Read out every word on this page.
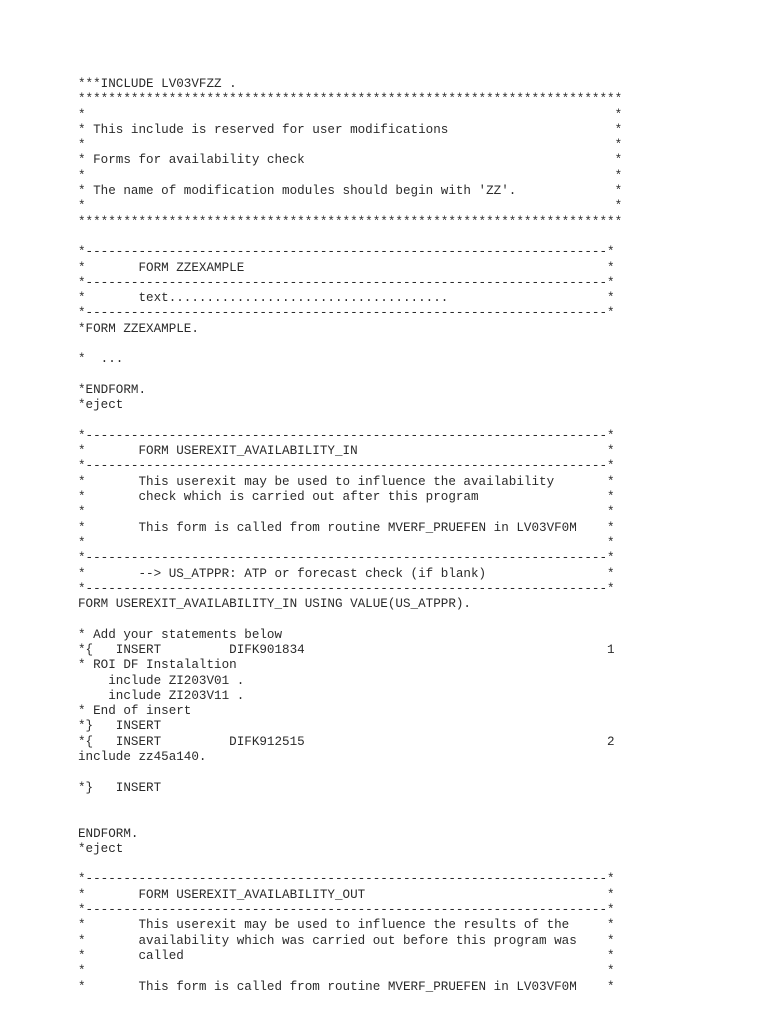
***INCLUDE LV03VFZZ .
************************************************************************
*                                                                      *
* This include is reserved for user modifications                      *
*                                                                      *
* Forms for availability check                                         *
*                                                                      *
* The name of modification modules should begin with 'ZZ'.             *
*                                                                      *
************************************************************************
*---------------------------------------------------------------------*
*       FORM ZZEXAMPLE                                                *
*---------------------------------------------------------------------*
*       text.....................................                     *
*---------------------------------------------------------------------*
*FORM ZZEXAMPLE.
*  ...
*ENDFORM.
*eject
*---------------------------------------------------------------------*
*       FORM USEREXIT_AVAILABILITY_IN                                 *
*---------------------------------------------------------------------*
*       This userexit may be used to influence the availability       *
*       check which is carried out after this program                 *
*                                                                     *
*       This form is called from routine MVERF_PRUEFEN in LV03VF0M    *
*                                                                     *
*---------------------------------------------------------------------*
*       --> US_ATPPR: ATP or forecast check (if blank)                *
*---------------------------------------------------------------------*
FORM USEREXIT_AVAILABILITY_IN USING VALUE(US_ATPPR).
* Add your statements below
*{   INSERT         DIFK901834                                        1
* ROI DF Instalaltion
include ZI203V01 .
include ZI203V11 .
* End of insert
*}   INSERT
*{   INSERT         DIFK912515                                        2
include zz45a140.
*}   INSERT
ENDFORM.
*eject
*---------------------------------------------------------------------*
*       FORM USEREXIT_AVAILABILITY_OUT                                *
*---------------------------------------------------------------------*
*       This userexit may be used to influence the results of the     *
*       availability which was carried out before this program was    *
*       called                                                        *
*                                                                     *
*       This form is called from routine MVERF_PRUEFEN in LV03VF0M    *
